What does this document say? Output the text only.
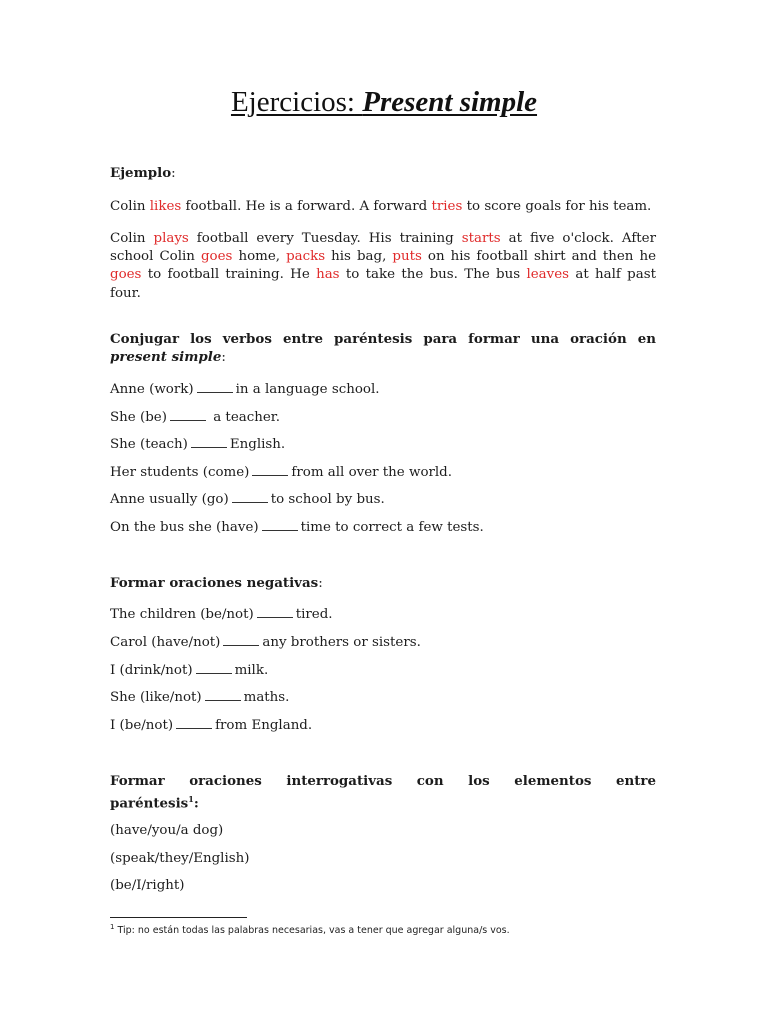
Ejercicios: Present simple

Ejemplo:

Colin likes football. He is a forward. A forward tries to score goals for his team.

Colin plays football every Tuesday. His training starts at five o'clock. After school Colin goes home, packs his bag, puts on his football shirt and then he goes to football training. He has to take the bus. The bus leaves at half past four.

Conjugar los verbos entre paréntesis para formar una oración en

present simple:

Anne (work)	in a language school.
She (be)	a teacher.
She (teach)	English.
Her students (come)	from all over the world.
Anne usually (go)	to school by bus.
On the bus she (have)	time to correct a few tests.

Formar oraciones negativas:

The children (be/not)	tired.
Carol (have/not)	any brothers or sisters.
I (drink/not)	milk.
She (like/not)	maths.
I (be/not)	from England.

Formar oraciones interrogativas con los elementos entre

paréntesis$^1$:

(have/you/a dog)
(speak/they/English)
(be/I/right)
$^1$ Tip: no están todas las palabras necesarias, vas a tener que agregar alguna/s vos.
